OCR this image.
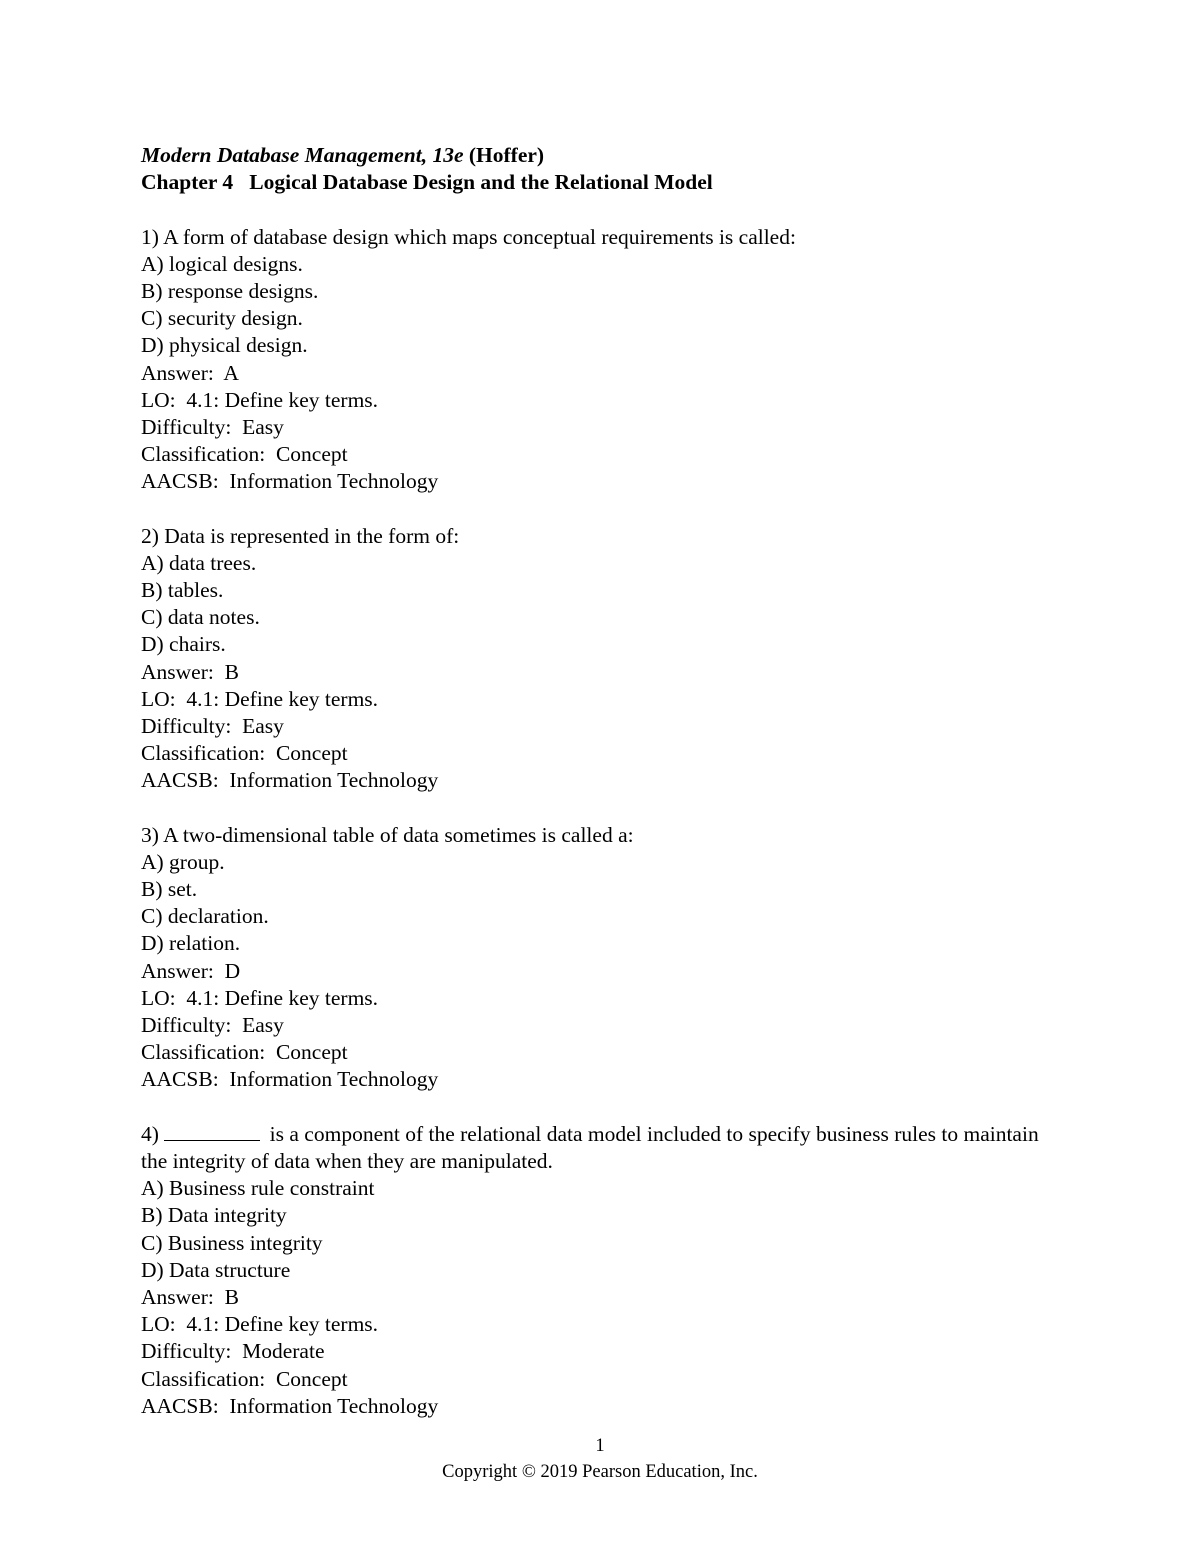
Modern Database Management, 13e (Hoffer)
Chapter 4   Logical Database Design and the Relational Model
1) A form of database design which maps conceptual requirements is called:
A) logical designs.
B) response designs.
C) security design.
D) physical design.
Answer:  A
LO:  4.1: Define key terms.
Difficulty:  Easy
Classification:  Concept
AACSB:  Information Technology
2) Data is represented in the form of:
A) data trees.
B) tables.
C) data notes.
D) chairs.
Answer:  B
LO:  4.1: Define key terms.
Difficulty:  Easy
Classification:  Concept
AACSB:  Information Technology
3) A two-dimensional table of data sometimes is called a:
A) group.
B) set.
C) declaration.
D) relation.
Answer:  D
LO:  4.1: Define key terms.
Difficulty:  Easy
Classification:  Concept
AACSB:  Information Technology
4)	is a component of the relational data model included to specify business rules to maintain the integrity of data when they are manipulated.
A) Business rule constraint
B) Data integrity
C) Business integrity
D) Data structure
Answer:  B
LO:  4.1: Define key terms.
Difficulty:  Moderate
Classification:  Concept
AACSB:  Information Technology
1
Copyright © 2019 Pearson Education, Inc.
